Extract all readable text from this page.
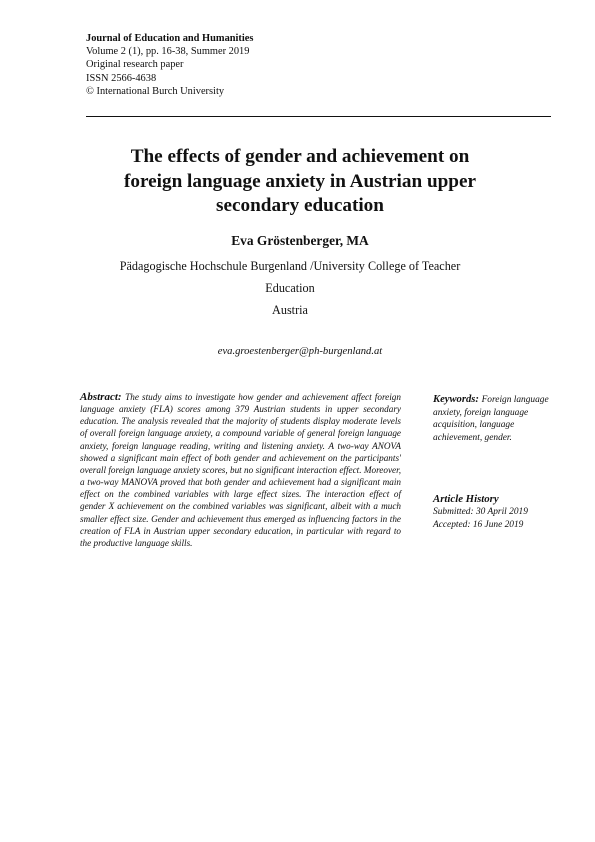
Journal of Education and Humanities
Volume 2 (1), pp. 16-38, Summer 2019
Original research paper
ISSN 2566-4638
© International Burch University
The effects of gender and achievement on
foreign language anxiety in Austrian upper
secondary education
Eva Gröstenberger, MA
Pädagogische Hochschule Burgenland /University College of Teacher
Education
Austria
eva.groestenberger@ph-burgenland.at
Abstract: The study aims to investigate how gender and achievement affect foreign language anxiety (FLA) scores among 379 Austrian students in upper secondary education. The analysis revealed that the majority of students display moderate levels of overall foreign language anxiety, a compound variable of general foreign language anxiety, foreign language reading, writing and listening anxiety. A two-way ANOVA showed a significant main effect of both gender and achievement on the participants' overall foreign language anxiety scores, but no significant interaction effect. Moreover, a two-way MANOVA proved that both gender and achievement had a significant main effect on the combined variables with large effect sizes. The interaction effect of gender X achievement on the combined variables was significant, albeit with a much smaller effect size. Gender and achievement thus emerged as influencing factors in the creation of FLA in Austrian upper secondary education, in particular with regard to the productive language skills.
Keywords: Foreign language anxiety, foreign language acquisition, language achievement, gender.
Article History
Submitted: 30 April 2019
Accepted: 16 June 2019
